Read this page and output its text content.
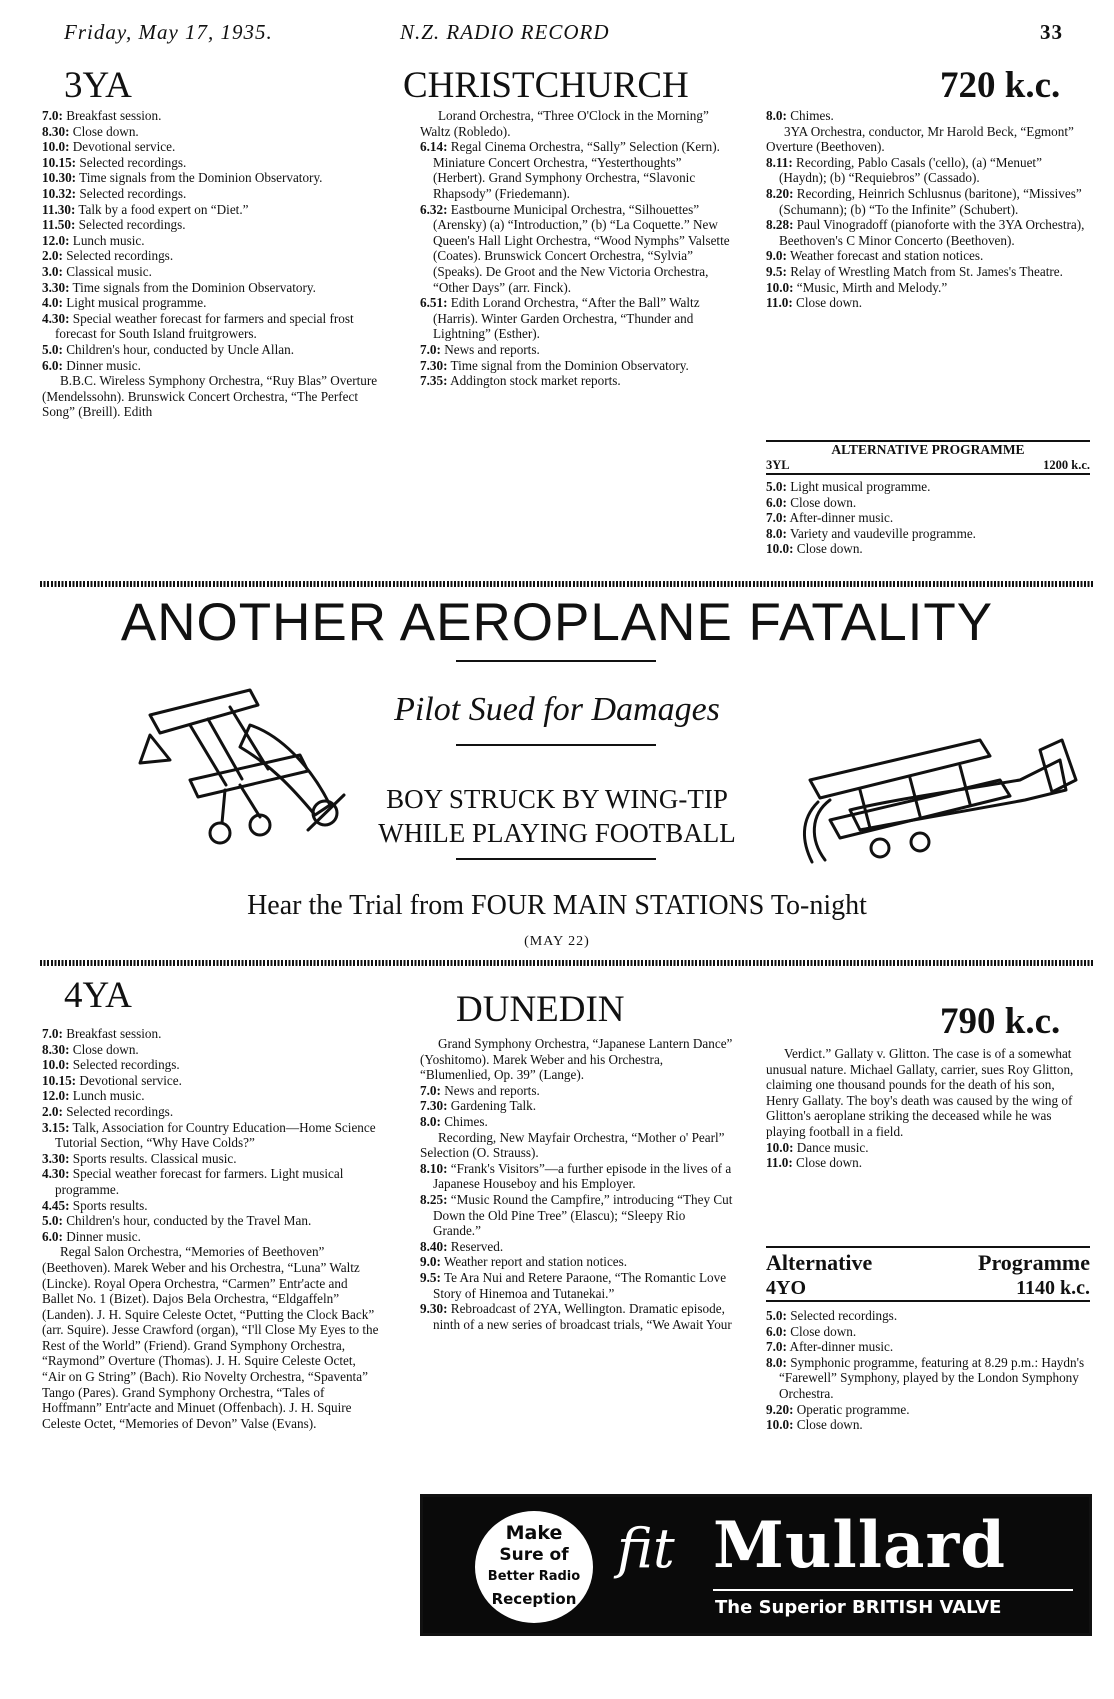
Friday, May 17, 1935.	N.Z. RADIO RECORD	33
3YA	CHRISTCHURCH	720 k.c.

7.0: Breakfast session.

8.30: Close down.

10.0: Devotional service.

10.15: Selected recordings.

10.30: Time signals from the Dominion Observatory.

10.32: Selected recordings.

11.30: Talk by a food expert on “Diet.”

11.50: Selected recordings.

12.0: Lunch music.

2.0: Selected recordings.

3.0: Classical music.

3.30: Time signals from the Dominion Observatory.

4.0: Light musical programme.

4.30: Special weather forecast for farmers and special frost forecast for South Island fruitgrowers.

5.0: Children's hour, conducted by Uncle Allan.

6.0: Dinner music.

B.B.C. Wireless Symphony Orchestra, “Ruy Blas” Overture (Mendelssohn). Brunswick Concert Orchestra, “The Perfect Song” (Breill). Edith

Lorand Orchestra, “Three O'Clock in the Morning” Waltz (Robledo).

6.14: Regal Cinema Orchestra, “Sally” Selection (Kern). Miniature Concert Orchestra, “Yesterthoughts” (Herbert). Grand Symphony Orchestra, “Slavonic Rhapsody” (Friedemann).

6.32: Eastbourne Municipal Orchestra, “Silhouettes” (Arensky) (a) “Introduction,” (b) “La Coquette.” New Queen's Hall Light Orchestra, “Wood Nymphs” Valsette (Coates). Brunswick Concert Orchestra, “Sylvia” (Speaks). De Groot and the New Victoria Orchestra, “Other Days” (arr. Finck).

6.51: Edith Lorand Orchestra, “After the Ball” Waltz (Harris). Winter Garden Orchestra, “Thunder and Lightning” (Esther).

7.0: News and reports.

7.30: Time signal from the Dominion Observatory.

7.35: Addington stock market reports.

8.0: Chimes.

3YA Orchestra, conductor, Mr Harold Beck, “Egmont” Overture (Beethoven).

8.11: Recording, Pablo Casals ('cello), (a) “Menuet” (Haydn); (b) “Requiebros” (Cassado).

8.20: Recording, Heinrich Schlusnus (baritone), “Missives” (Schumann); (b) “To the Infinite” (Schubert).

8.28: Paul Vinogradoff (pianoforte with the 3YA Orchestra), Beethoven's C Minor Concerto (Beethoven).

9.0: Weather forecast and station notices.

9.5: Relay of Wrestling Match from St. James's Theatre.

10.0: “Music, Mirth and Melody.”

11.0: Close down.

ALTERNATIVE PROGRAMME
3YL	1200 k.c.

5.0: Light musical programme.

6.0: Close down.

7.0: After-dinner music.

8.0: Variety and vaudeville programme.

10.0: Close down.

ANOTHER AEROPLANE FATALITY
Pilot Sued for Damages
BOY STRUCK BY WING-TIP
WHILE PLAYING FOOTBALL
Hear the Trial from FOUR MAIN STATIONS To-night
(MAY 22)
4YA	DUNEDIN	790 k.c.

7.0: Breakfast session.

8.30: Close down.

10.0: Selected recordings.

10.15: Devotional service.

12.0: Lunch music.

2.0: Selected recordings.

3.15: Talk, Association for Country Education—Home Science Tutorial Section, “Why Have Colds?”

3.30: Sports results. Classical music.

4.30: Special weather forecast for farmers. Light musical programme.

4.45: Sports results.

5.0: Children's hour, conducted by the Travel Man.

6.0: Dinner music.

Regal Salon Orchestra, “Memories of Beethoven” (Beethoven). Marek Weber and his Orchestra, “Luna” Waltz (Lincke). Royal Opera Orchestra, “Carmen” Entr'acte and Ballet No. 1 (Bizet). Dajos Bela Orchestra, “Eldgaffeln” (Landen). J. H. Squire Celeste Octet, “Putting the Clock Back” (arr. Squire). Jesse Crawford (organ), “I'll Close My Eyes to the Rest of the World” (Friend). Grand Symphony Orchestra, “Raymond” Overture (Thomas). J. H. Squire Celeste Octet, “Air on G String” (Bach). Rio Novelty Orchestra, “Spaventa” Tango (Pares). Grand Symphony Orchestra, “Tales of Hoffmann” Entr'acte and Minuet (Offenbach). J. H. Squire Celeste Octet, “Memories of Devon” Valse (Evans).

Grand Symphony Orchestra, “Japanese Lantern Dance” (Yoshitomo). Marek Weber and his Orchestra, “Blumenlied, Op. 39” (Lange).

7.0: News and reports.

7.30: Gardening Talk.

8.0: Chimes.

Recording, New Mayfair Orchestra, “Mother o' Pearl” Selection (O. Strauss).

8.10: “Frank's Visitors”—a further episode in the lives of a Japanese Houseboy and his Employer.

8.25: “Music Round the Campfire,” introducing “They Cut Down the Old Pine Tree” (Elascu); “Sleepy Rio Grande.”

8.40: Reserved.

9.0: Weather report and station notices.

9.5: Te Ara Nui and Retere Paraone, “The Romantic Love Story of Hinemoa and Tutanekai.”

9.30: Rebroadcast of 2YA, Wellington. Dramatic episode, ninth of a new series of broadcast trials, “We Await Your

Verdict.” Gallaty v. Glitton. The case is of a somewhat unusual nature. Michael Gallaty, carrier, sues Roy Glitton, claiming one thousand pounds for the death of his son, Henry Gallaty. The boy's death was caused by the wing of Glitton's aeroplane striking the deceased while he was playing football in a field.

10.0: Dance music.

11.0: Close down.

Alternative	Programme
4YO	1140 k.c.

5.0: Selected recordings.

6.0: Close down.

7.0: After-dinner music.

8.0: Symphonic programme, featuring at 8.29 p.m.: Haydn's “Farewell” Symphony, played by the London Symphony Orchestra.

9.20: Operatic programme.

10.0: Close down.

Make
Sure of
Better Radio
Reception
fit Mullard
The Superior BRITISH VALVE
